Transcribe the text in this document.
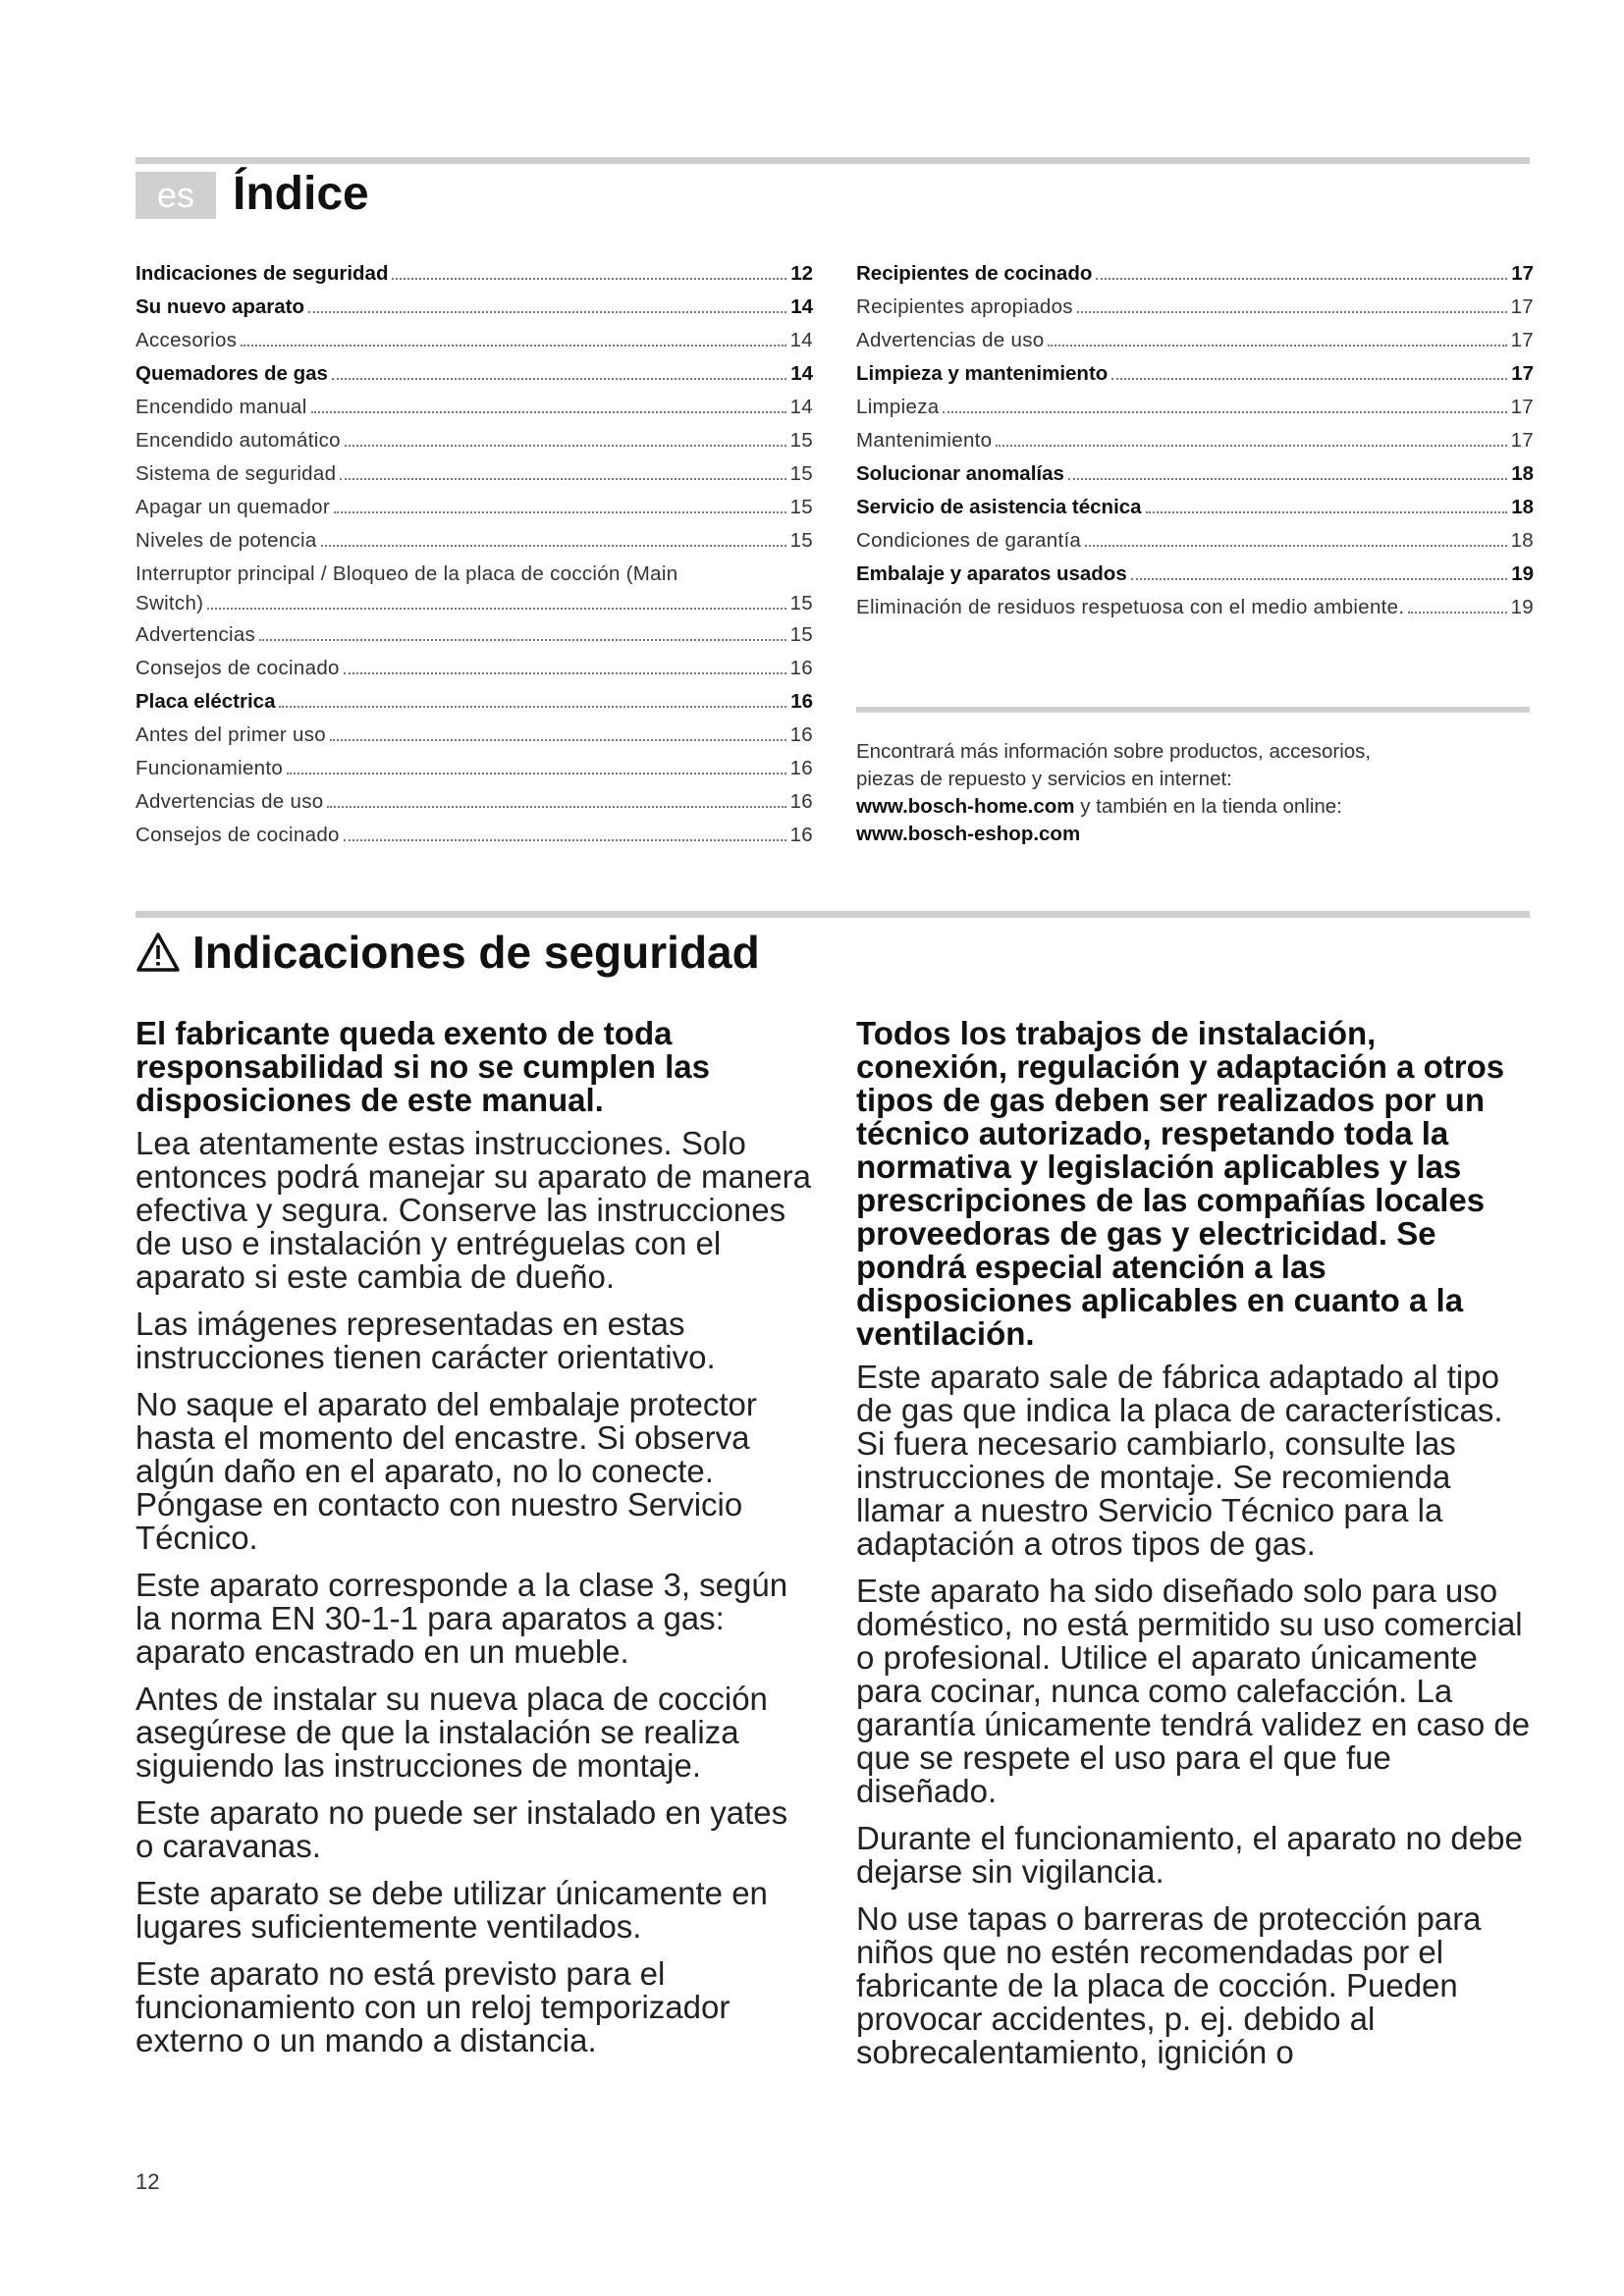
es Índice
Indicaciones de seguridad	12
Su nuevo aparato	14
Accesorios	14
Quemadores de gas	14
Encendido manual	14
Encendido automático	15
Sistema de seguridad	15
Apagar un quemador	15
Niveles de potencia	15
Interruptor principal / Bloqueo de la placa de cocción (Main
Switch)	15
Advertencias	15
Consejos de cocinado	16
Placa eléctrica	16
Antes del primer uso	16
Funcionamiento	16
Advertencias de uso	16
Consejos de cocinado	16
Recipientes de cocinado	17
Recipientes apropiados	17
Advertencias de uso	17
Limpieza y mantenimiento	17
Limpieza	17
Mantenimiento	17
Solucionar anomalías	18
Servicio de asistencia técnica	18
Condiciones de garantía	18
Embalaje y aparatos usados	19
Eliminación de residuos respetuosa con el medio ambiente.	19
Encontrará más información sobre productos, accesorios,
piezas de repuesto y servicios en internet:
www.bosch-home.com y también en la tienda online:
www.bosch-eshop.com
Indicaciones de seguridad
El fabricante queda exento de toda responsabilidad si no se cumplen las disposiciones de este manual.

Lea atentamente estas instrucciones. Solo entonces podrá manejar su aparato de manera efectiva y segura. Conserve las instrucciones de uso e instalación y entréguelas con el aparato si este cambia de dueño.

Las imágenes representadas en estas instrucciones tienen carácter orientativo.

No saque el aparato del embalaje protector hasta el momento del encastre. Si observa algún daño en el aparato, no lo conecte. Póngase en contacto con nuestro Servicio Técnico.

Este aparato corresponde a la clase 3, según la norma EN 30-1-1 para aparatos a gas: aparato encastrado en un mueble.

Antes de instalar su nueva placa de cocción asegúrese de que la instalación se realiza siguiendo las instrucciones de montaje.

Este aparato no puede ser instalado en yates o caravanas.

Este aparato se debe utilizar únicamente en lugares suficientemente ventilados.

Este aparato no está previsto para el funcionamiento con un reloj temporizador externo o un mando a distancia.

Todos los trabajos de instalación, conexión, regulación y adaptación a otros tipos de gas deben ser realizados por un técnico autorizado, respetando toda la normativa y legislación aplicables y las prescripciones de las compañías locales proveedoras de gas y electricidad. Se pondrá especial atención a las disposiciones aplicables en cuanto a la ventilación.

Este aparato sale de fábrica adaptado al tipo de gas que indica la placa de características. Si fuera necesario cambiarlo, consulte las instrucciones de montaje. Se recomienda llamar a nuestro Servicio Técnico para la adaptación a otros tipos de gas.

Este aparato ha sido diseñado solo para uso doméstico, no está permitido su uso comercial o profesional. Utilice el aparato únicamente para cocinar, nunca como calefacción. La garantía únicamente tendrá validez en caso de que se respete el uso para el que fue diseñado.

Durante el funcionamiento, el aparato no debe dejarse sin vigilancia.

No use tapas o barreras de protección para niños que no estén recomendadas por el fabricante de la placa de cocción. Pueden provocar accidentes, p. ej. debido al sobrecalentamiento, ignición o

12
